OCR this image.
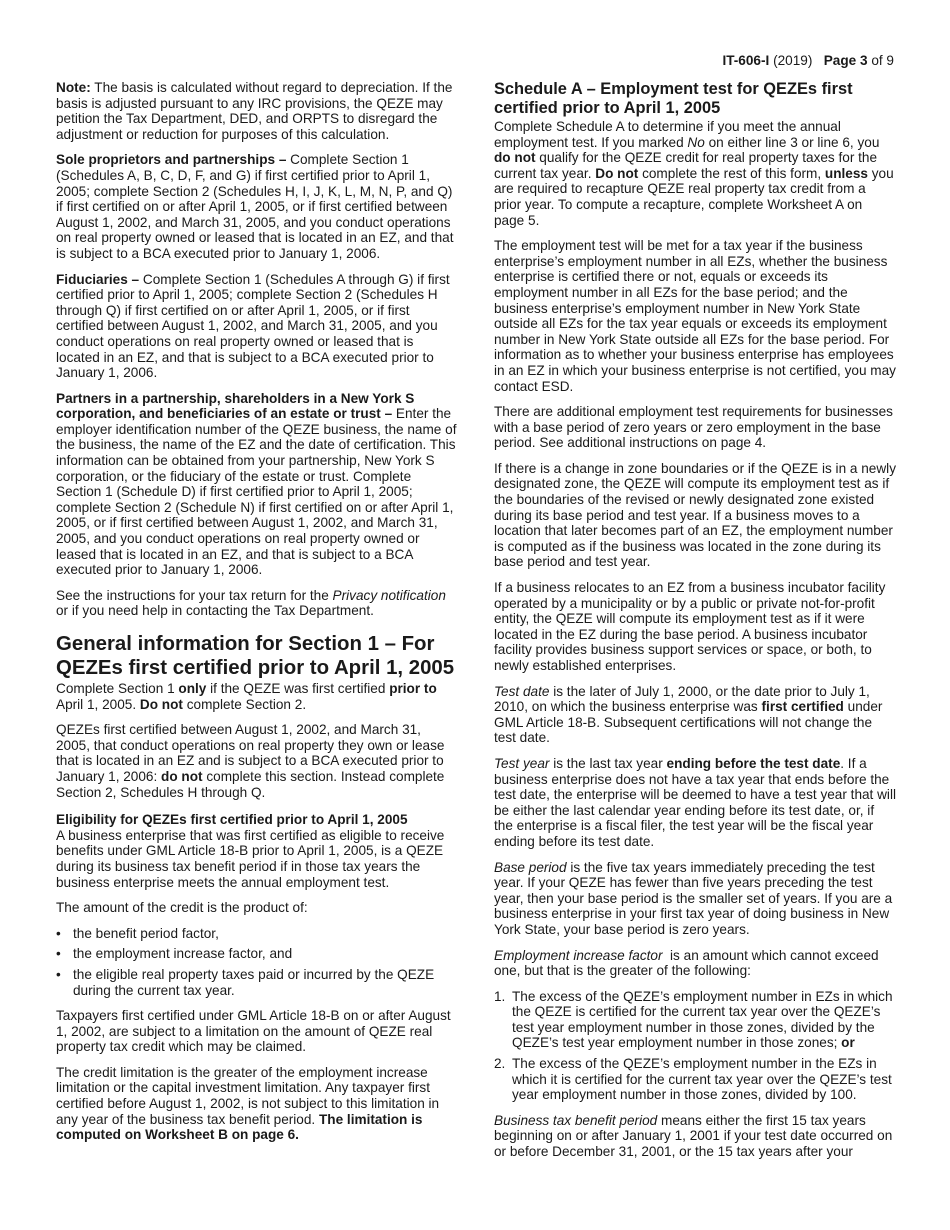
IT-606-I (2019) Page 3 of 9

Note: The basis is calculated without regard to depreciation. If the basis is adjusted pursuant to any IRC provisions, the QEZE may petition the Tax Department, DED, and ORPTS to disregard the adjustment or reduction for purposes of this calculation.

Sole proprietors and partnerships – Complete Section 1 (Schedules A, B, C, D, F, and G) if first certified prior to April 1, 2005; complete Section 2 (Schedules H, I, J, K, L, M, N, P, and Q) if first certified on or after April 1, 2005, or if first certified between August 1, 2002, and March 31, 2005, and you conduct operations on real property owned or leased that is located in an EZ, and that is subject to a BCA executed prior to January 1, 2006.

Fiduciaries – Complete Section 1 (Schedules A through G) if first certified prior to April 1, 2005; complete Section 2 (Schedules H through Q) if first certified on or after April 1, 2005, or if first certified between August 1, 2002, and March 31, 2005, and you conduct operations on real property owned or leased that is located in an EZ, and that is subject to a BCA executed prior to January 1, 2006.

Partners in a partnership, shareholders in a New York S corporation, and beneficiaries of an estate or trust – Enter the employer identification number of the QEZE business, the name of the business, the name of the EZ and the date of certification. This information can be obtained from your partnership, New York S corporation, or the fiduciary of the estate or trust. Complete Section 1 (Schedule D) if first certified prior to April 1, 2005; complete Section 2 (Schedule N) if first certified on or after April 1, 2005, or if first certified between August 1, 2002, and March 31, 2005, and you conduct operations on real property owned or leased that is located in an EZ, and that is subject to a BCA executed prior to January 1, 2006.

See the instructions for your tax return for the Privacy notification or if you need help in contacting the Tax Department.

General information for Section 1 – For QEZEs first certified prior to April 1, 2005

Complete Section 1 only if the QEZE was first certified prior to April 1, 2005. Do not complete Section 2.

QEZEs first certified between August 1, 2002, and March 31, 2005, that conduct operations on real property they own or lease that is located in an EZ and is subject to a BCA executed prior to January 1, 2006: do not complete this section. Instead complete Section 2, Schedules H through Q.

Eligibility for QEZEs first certified prior to April 1, 2005

A business enterprise that was first certified as eligible to receive benefits under GML Article 18-B prior to April 1, 2005, is a QEZE during its business tax benefit period if in those tax years the business enterprise meets the annual employment test.

The amount of the credit is the product of:

• the benefit period factor,
• the employment increase factor, and
• the eligible real property taxes paid or incurred by the QEZE during the current tax year.

Taxpayers first certified under GML Article 18-B on or after August 1, 2002, are subject to a limitation on the amount of QEZE real property tax credit which may be claimed.

The credit limitation is the greater of the employment increase limitation or the capital investment limitation. Any taxpayer first certified before August 1, 2002, is not subject to this limitation in any year of the business tax benefit period. The limitation is computed on Worksheet B on page 6.

Schedule A – Employment test for QEZEs first certified prior to April 1, 2005

Complete Schedule A to determine if you meet the annual employment test. If you marked No on either line 3 or line 6, you do not qualify for the QEZE credit for real property taxes for the current tax year. Do not complete the rest of this form, unless you are required to recapture QEZE real property tax credit from a prior year. To compute a recapture, complete Worksheet A on page 5.

The employment test will be met for a tax year if the business enterprise’s employment number in all EZs, whether the business enterprise is certified there or not, equals or exceeds its employment number in all EZs for the base period; and the business enterprise’s employment number in New York State outside all EZs for the tax year equals or exceeds its employment number in New York State outside all EZs for the base period. For information as to whether your business enterprise has employees in an EZ in which your business enterprise is not certified, you may contact ESD.

There are additional employment test requirements for businesses with a base period of zero years or zero employment in the base period. See additional instructions on page 4.

If there is a change in zone boundaries or if the QEZE is in a newly designated zone, the QEZE will compute its employment test as if the boundaries of the revised or newly designated zone existed during its base period and test year. If a business moves to a location that later becomes part of an EZ, the employment number is computed as if the business was located in the zone during its base period and test year.

If a business relocates to an EZ from a business incubator facility operated by a municipality or by a public or private not-for-profit entity, the QEZE will compute its employment test as if it were located in the EZ during the base period. A business incubator facility provides business support services or space, or both, to newly established enterprises.

Test date is the later of July 1, 2000, or the date prior to July 1, 2010, on which the business enterprise was first certified under GML Article 18-B. Subsequent certifications will not change the test date.

Test year is the last tax year ending before the test date. If a business enterprise does not have a tax year that ends before the test date, the enterprise will be deemed to have a test year that will be either the last calendar year ending before its test date, or, if the enterprise is a fiscal filer, the test year will be the fiscal year ending before its test date.

Base period is the five tax years immediately preceding the test year. If your QEZE has fewer than five years preceding the test year, then your base period is the smaller set of years. If you are a business enterprise in your first tax year of doing business in New York State, your base period is zero years.

Employment increase factor  is an amount which cannot exceed one, but that is the greater of the following:

1. The excess of the QEZE’s employment number in EZs in which the QEZE is certified for the current tax year over the QEZE’s test year employment number in those zones, divided by the QEZE’s test year employment number in those zones; or
2. The excess of the QEZE’s employment number in the EZs in which it is certified for the current tax year over the QEZE’s test year employment number in those zones, divided by 100.

Business tax benefit period means either the first 15 tax years beginning on or after January 1, 2001 if your test date occurred on or before December 31, 2001, or the 15 tax years after your
